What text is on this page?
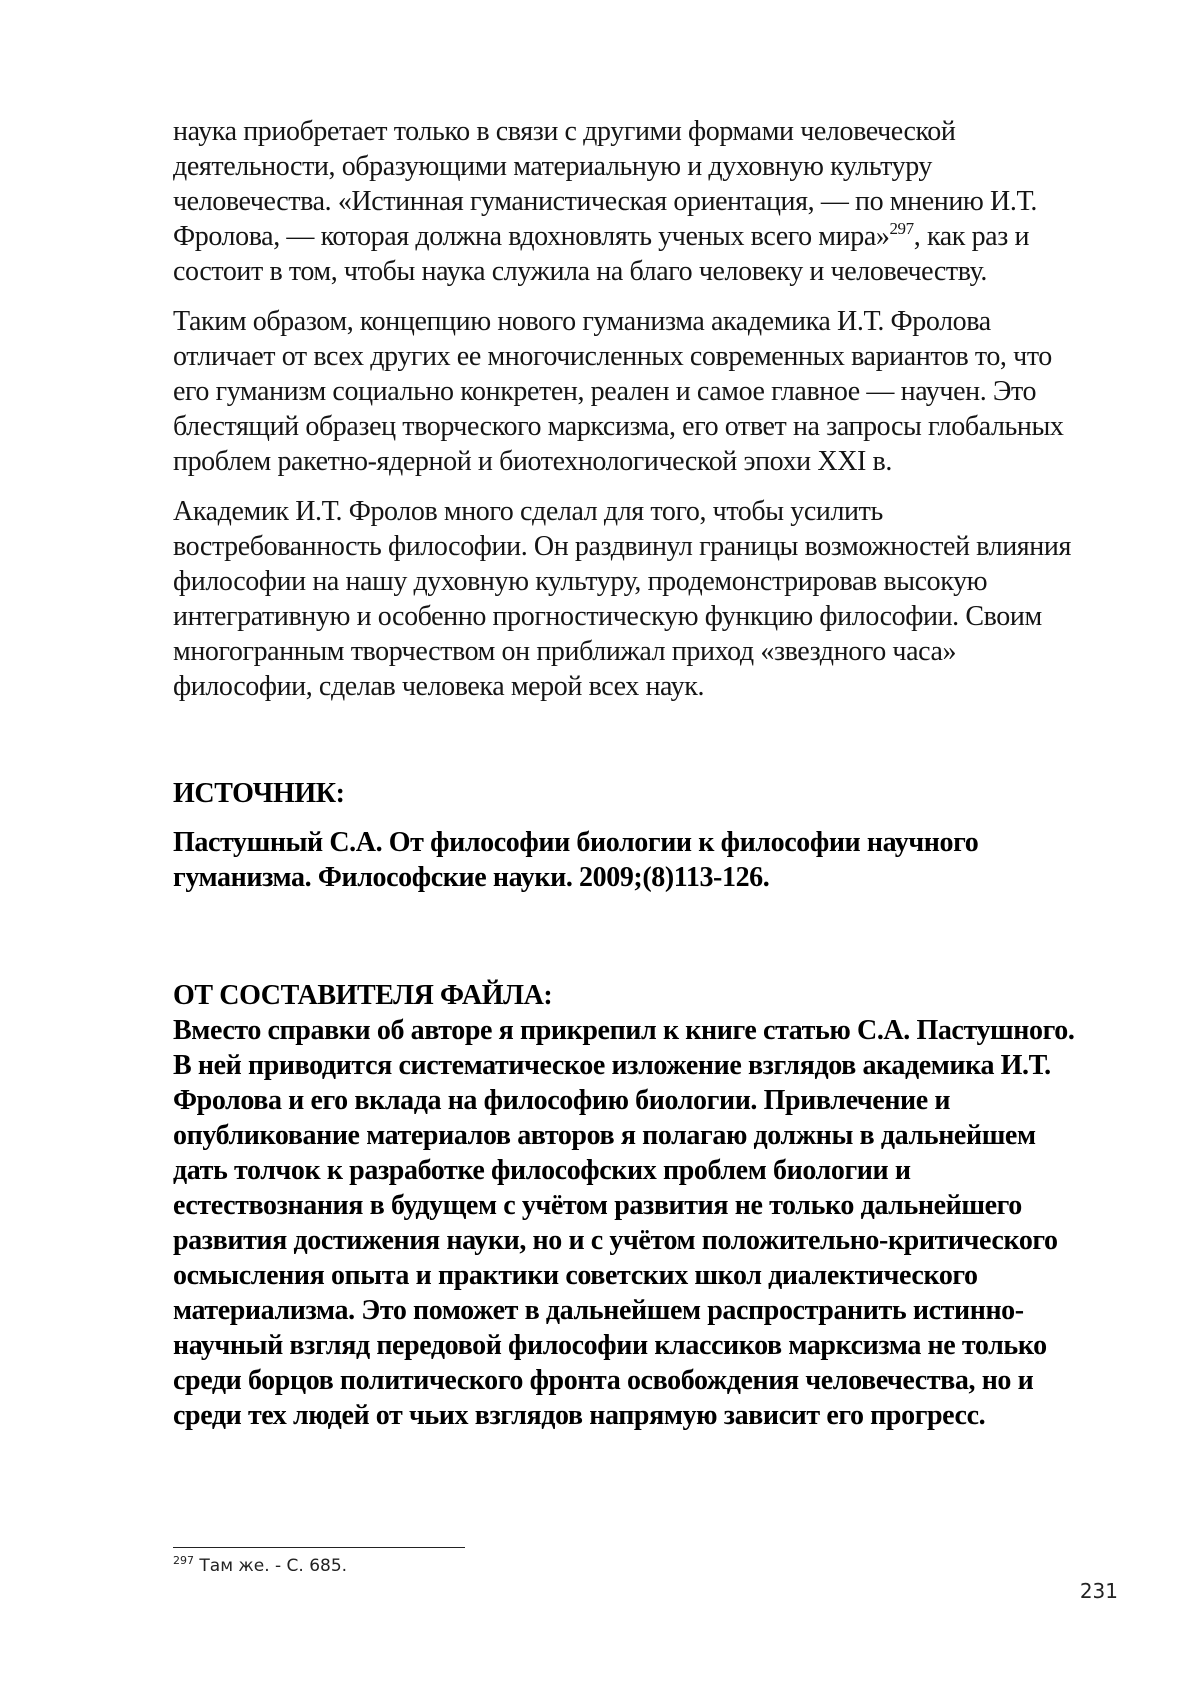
наука приобретает только в связи с другими формами человеческой
деятельности, образующими материальную и духовную культуру
человечества. «Истинная гуманистическая ориентация, — по мнению И.Т.
Фролова, — которая должна вдохновлять ученых всего мира»$^{297}$, как раз и
состоит в том, чтобы наука служила на благо человеку и человечеству.

Таким образом, концепцию нового гуманизма академика И.Т. Фролова
отличает от всех других ее многочисленных современных вариантов то, что
его гуманизм социально конкретен, реален и самое главное — научен. Это
блестящий образец творческого марксизма, его ответ на запросы глобальных
проблем ракетно-ядерной и биотехнологической эпохи XXI в.

Академик И.Т. Фролов много сделал для того, чтобы усилить
востребованность философии. Он раздвинул границы возможностей влияния
философии на нашу духовную культуру, продемонстрировав высокую
интегративную и особенно прогностическую функцию философии. Своим
многогранным творчеством он приближал приход «звездного часа»
философии, сделав человека мерой всех наук.

ИСТОЧНИК:

Пастушный С.А. От философии биологии к философии научного
гуманизма. Философские науки. 2009;(8)113-126.

ОТ СОСТАВИТЕЛЯ ФАЙЛА:

Вместо справки об авторе я прикрепил к книге статью С.А. Пастушного.
В ней приводится систематическое изложение взглядов академика И.Т.
Фролова и его вклада на философию биологии. Привлечение и
опубликование материалов авторов я полагаю должны в дальнейшем
дать толчок к разработке философских проблем биологии и
естествознания в будущем с учётом развития не только дальнейшего
развития достижения науки, но и с учётом положительно-критического
осмысления опыта и практики советских школ диалектического
материализма. Это поможет в дальнейшем распространить истинно-
научный взгляд передовой философии классиков марксизма не только
среди борцов политического фронта освобождения человечества, но и
среди тех людей от чьих взглядов напрямую зависит его прогресс.

$^{297}$ Там же. - С. 685.
231
